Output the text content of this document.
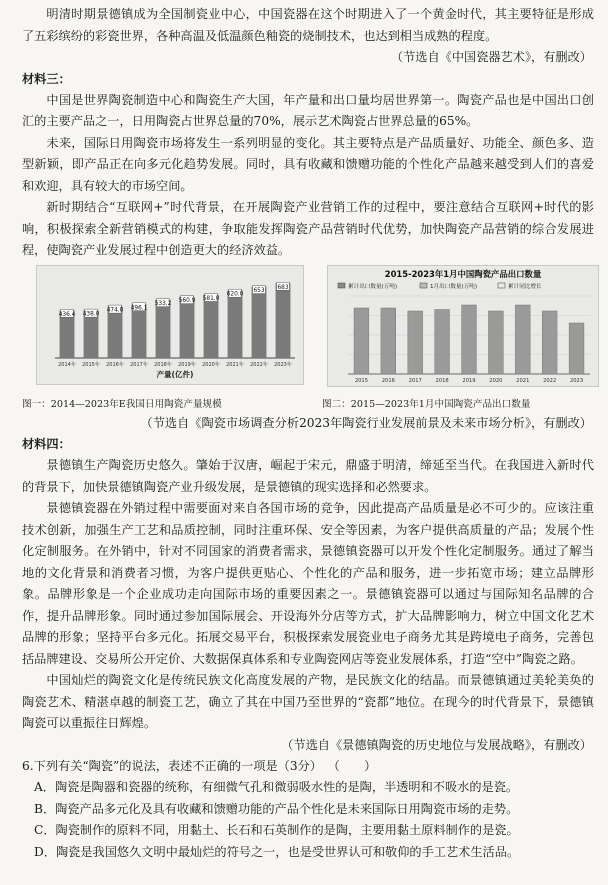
明清时期景德镇成为全国制瓷业中心，中国瓷器在这个时期进入了一个黄金时代，其主要特征是形成了五彩缤纷的彩瓷世界，各种高温及低温颜色釉瓷的烧制技术，也达到相当成熟的程度。

（节选自《中国瓷器艺术》，有删改）

材料三：

中国是世界陶瓷制造中心和陶瓷生产大国，年产量和出口量均居世界第一。陶瓷产品也是中国出口创汇的主要产品之一，日用陶瓷占世界总量的70%，展示艺术陶瓷占世界总量的65%。

未来，国际日用陶瓷市场将发生一系列明显的变化。其主要特点是产品质量好、功能全、颜色多、造型新颖，即产品正在向多元化趋势发展。同时，具有收藏和馈赠功能的个性化产品越来越受到人们的喜爱和欢迎，具有较大的市场空间。

新时期结合“互联网+”时代背景，在开展陶瓷产业营销工作的过程中，要注意结合互联网+时代的影响，积极探索全新营销模式的构建，争取能发挥陶瓷产品营销时代优势，加快陶瓷产品营销的综合发展进程，使陶瓷产业发展过程中创造更大的经济效益。

436.4
2014年
438.0
2015年
474.8
2016年
496.1
2017年
533.2
2018年
560.9
2019年
581.0
2020年
620.0
2021年
653
2022年
683
2023年
产量(亿件)
2015-2023年1月中国陶瓷产品出口数量
累计出口数量(万吨)	1月出口数量(万吨)	累计同比增长
2015	2016	2017	2018	2019	2020	2021	2022	2023
图一：2014—2023年E我国日用陶瓷产量规模	图二：2015—2023年1月中国陶瓷产品出口数量

（节选自《陶瓷市场调查分析2023年陶瓷行业发展前景及未来市场分析》，有删改）

材料四：

景德镇生产陶瓷历史悠久。肇始于汉唐，崛起于宋元，鼎盛于明清，缔延至当代。在我国进入新时代的背景下，加快景德镇陶瓷产业升级发展，是景德镇的现实选择和必然要求。

景德镇瓷器在外销过程中需要面对来自各国市场的竞争，因此提高产品质量是必不可少的。应该注重技术创新，加强生产工艺和品质控制，同时注重环保、安全等因素，为客户提供高质量的产品；发展个性化定制服务。在外销中，针对不同国家的消费者需求，景德镇瓷器可以开发个性化定制服务。通过了解当地的文化背景和消费者习惯，为客户提供更贴心、个性化的产品和服务，进一步拓宽市场；建立品牌形象。品牌形象是一个企业成功走向国际市场的重要因素之一。景德镇瓷器可以通过与国际知名品牌的合作，提升品牌形象。同时通过参加国际展会、开设海外分店等方式，扩大品牌影响力，树立中国文化艺术品牌的形象；坚持平台多元化。拓展交易平台，积极探索发展瓷业电子商务尤其是跨境电子商务，完善包括品牌建设、交易所公开定价、大数据保真体系和专业陶瓷网店等瓷业发展体系，打造“空中”陶瓷之路。

中国灿烂的陶瓷文化是传统民族文化高度发展的产物，是民族文化的结晶。而景德镇通过美轮美奂的陶瓷艺术、精湛卓越的制瓷工艺，确立了其在中国乃至世界的“瓷都”地位。在现今的时代背景下，景德镇陶瓷可以重振往日辉煌。

（节选自《景德镇陶瓷的历史地位与发展战略》，有删改）

6.下列有关“陶瓷”的说法，表述不正确的一项是（3分） （　　）

A．陶瓷是陶器和瓷器的统称，有细微气孔和微弱吸水性的是陶，半透明和不吸水的是瓷。

B．陶瓷产品多元化及具有收藏和馈赠功能的产品个性化是未来国际日用陶瓷市场的走势。

C．陶瓷制作的原料不同，用黏土、长石和石英制作的是陶，主要用黏土原料制作的是瓷。

D．陶瓷是我国悠久文明中最灿烂的符号之一，也是受世界认可和敬仰的手工艺术生活品。
